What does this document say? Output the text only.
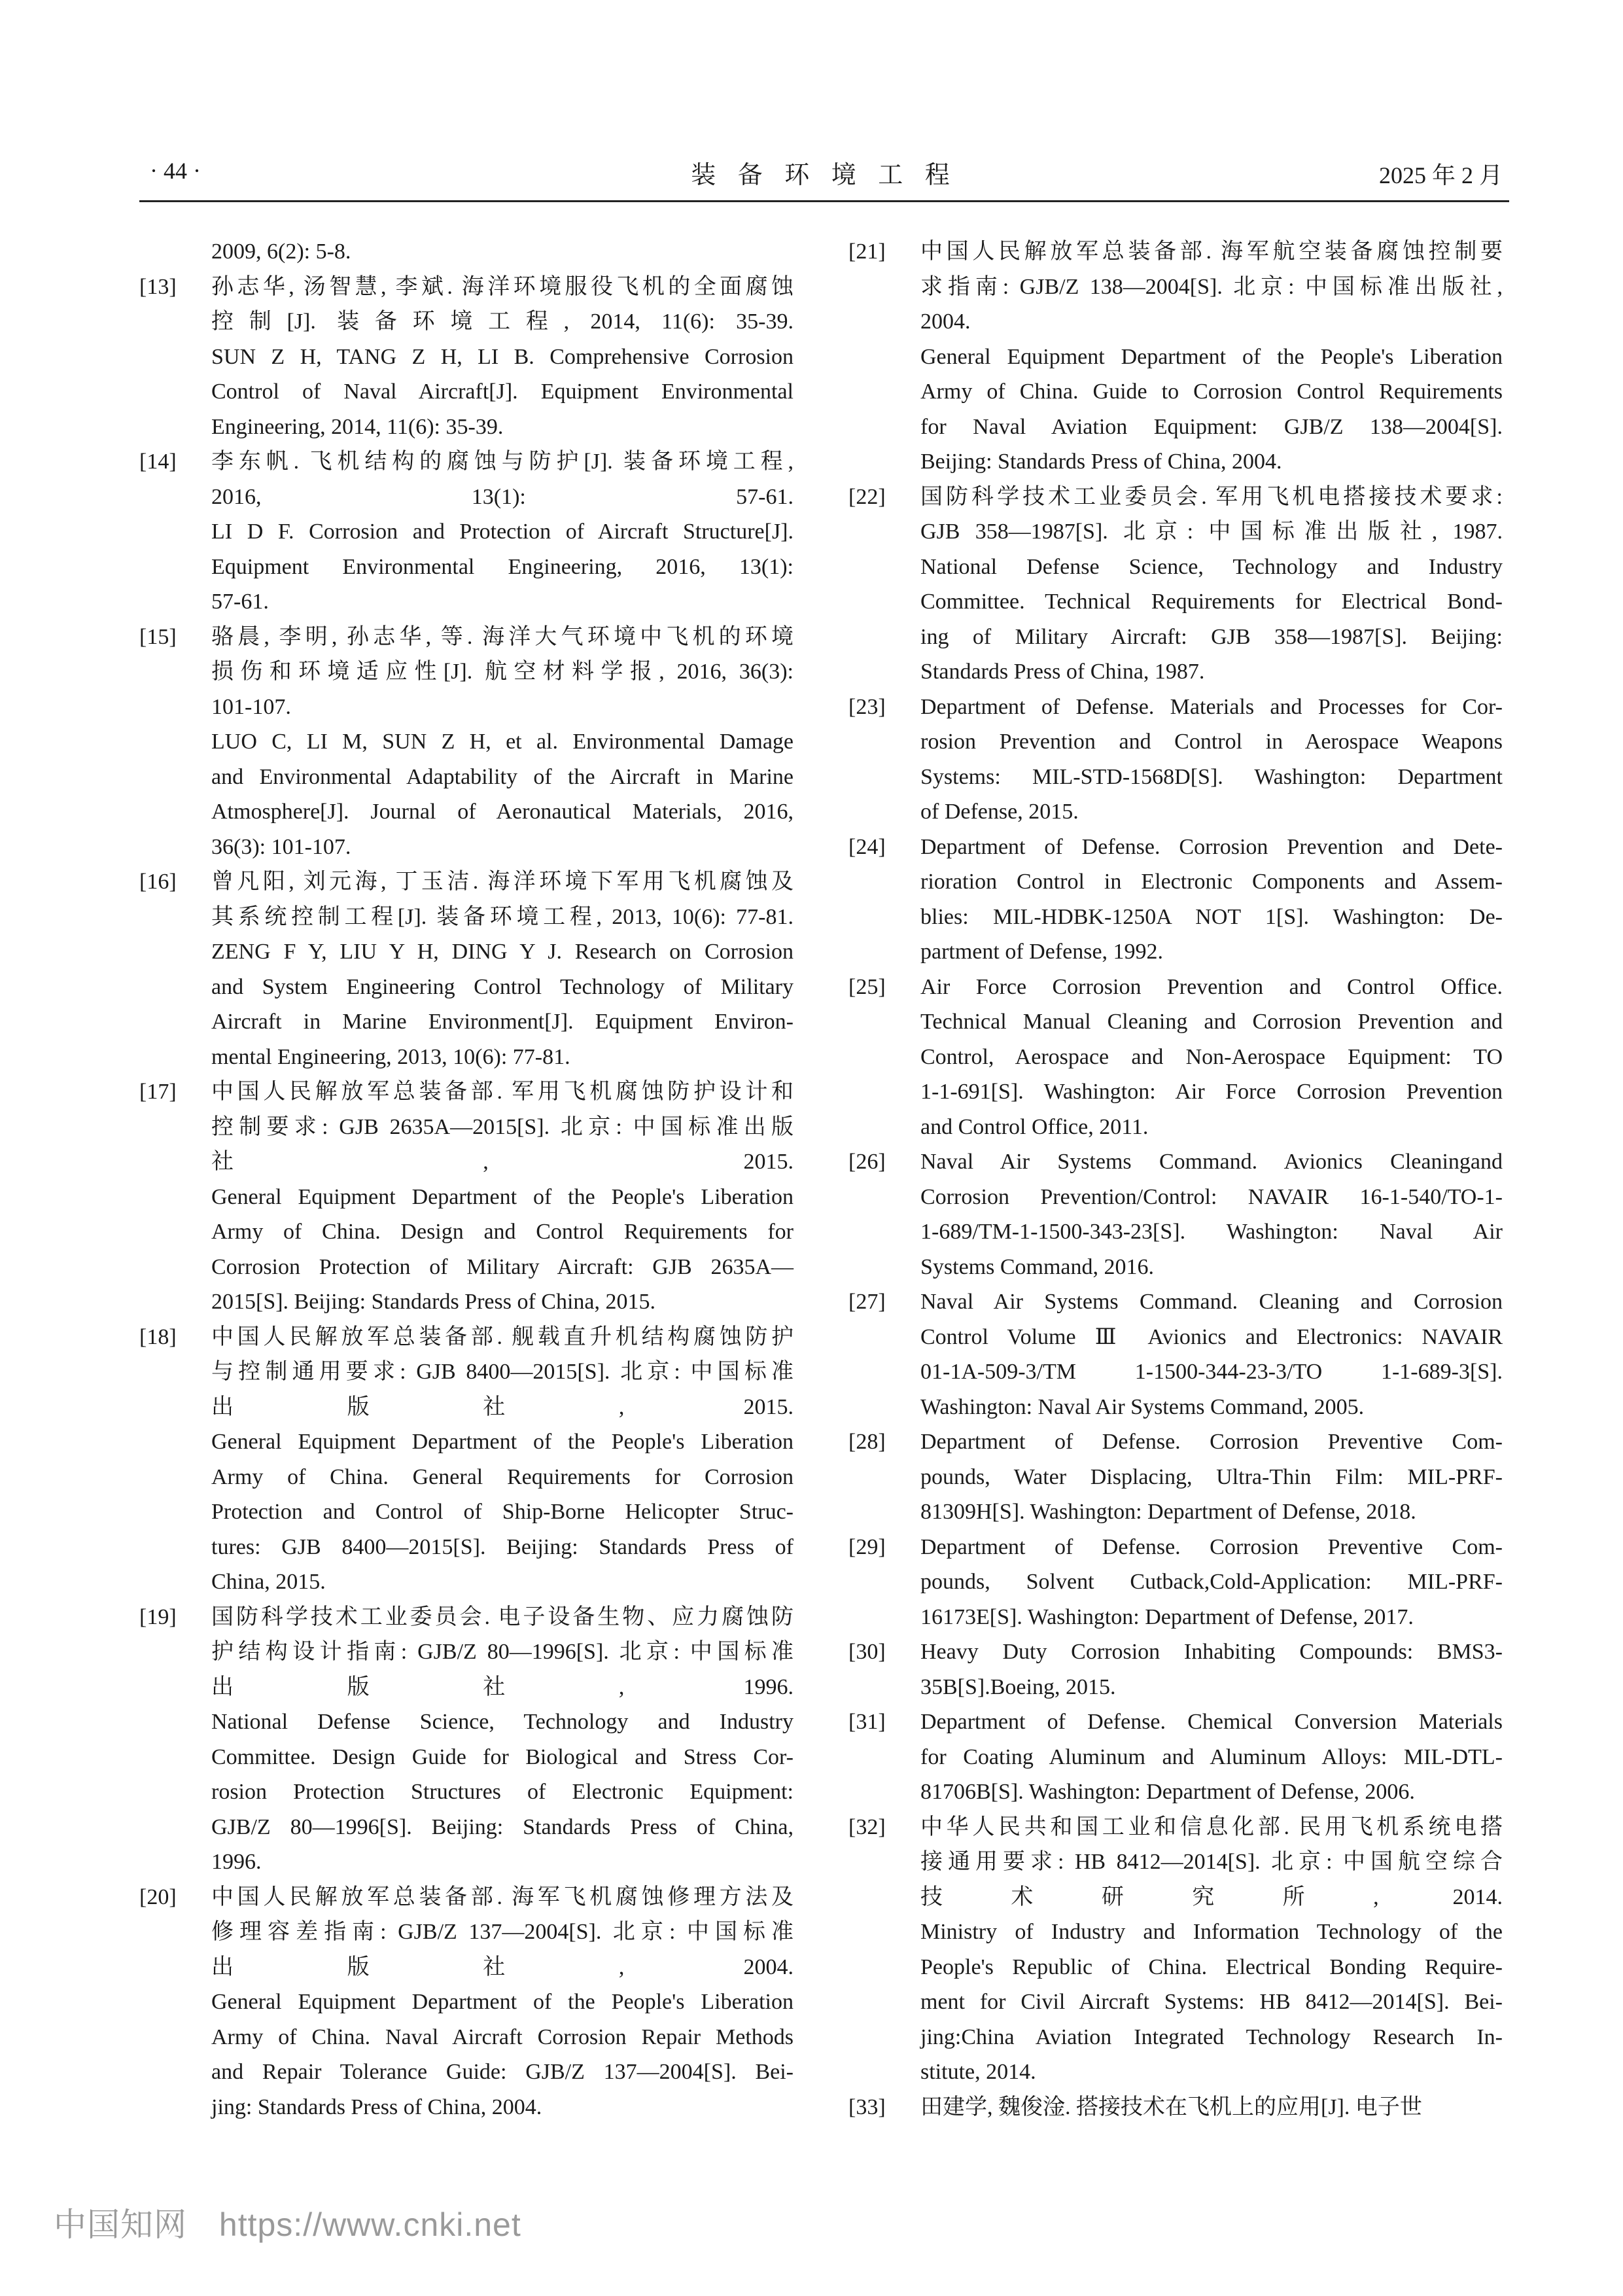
· 44 ·	装 备 环 境 工 程	2025 年 2 月
2009, 6(2): 5-8.
[13] 孙志华, 汤智慧, 李斌. 海洋环境服役飞机的全面腐蚀
控制[J]. 装备环境工程, 2014, 11(6): 35-39.
SUN Z H, TANG Z H, LI B. Comprehensive Corrosion
Control of Naval Aircraft[J]. Equipment Environmental
Engineering, 2014, 11(6): 35-39.
[14] 李东帆. 飞机结构的腐蚀与防护[J]. 装备环境工程,
2016, 13(1): 57-61.
LI D F. Corrosion and Protection of Aircraft Structure[J].
Equipment Environmental Engineering, 2016, 13(1):
57-61.
[15] 骆晨, 李明, 孙志华, 等. 海洋大气环境中飞机的环境
损伤和环境适应性[J]. 航空材料学报, 2016, 36(3):
101-107.
LUO C, LI M, SUN Z H, et al. Environmental Damage
and Environmental Adaptability of the Aircraft in Marine
Atmosphere[J]. Journal of Aeronautical Materials, 2016,
36(3): 101-107.
[16] 曾凡阳, 刘元海, 丁玉洁. 海洋环境下军用飞机腐蚀及
其系统控制工程[J]. 装备环境工程, 2013, 10(6): 77-81.
ZENG F Y, LIU Y H, DING Y J. Research on Corrosion
and System Engineering Control Technology of Military
Aircraft in Marine Environment[J]. Equipment Environ-
mental Engineering, 2013, 10(6): 77-81.
[17] 中国人民解放军总装备部. 军用飞机腐蚀防护设计和
控制要求: GJB 2635A—2015[S]. 北京: 中国标准出版
社, 2015.
General Equipment Department of the People's Liberation
Army of China. Design and Control Requirements for
Corrosion Protection of Military Aircraft: GJB 2635A—
2015[S]. Beijing: Standards Press of China, 2015.
[18] 中国人民解放军总装备部. 舰载直升机结构腐蚀防护
与控制通用要求: GJB 8400—2015[S]. 北京: 中国标准
出版社, 2015.
General Equipment Department of the People's Liberation
Army of China. General Requirements for Corrosion
Protection and Control of Ship-Borne Helicopter Struc-
tures: GJB 8400—2015[S]. Beijing: Standards Press of
China, 2015.
[19] 国防科学技术工业委员会. 电子设备生物、应力腐蚀防
护结构设计指南: GJB/Z 80—1996[S]. 北京: 中国标准
出版社, 1996.
National Defense Science, Technology and Industry
Committee. Design Guide for Biological and Stress Cor-
rosion Protection Structures of Electronic Equipment:
GJB/Z 80—1996[S]. Beijing: Standards Press of China,
1996.
[20] 中国人民解放军总装备部. 海军飞机腐蚀修理方法及
修理容差指南: GJB/Z 137—2004[S]. 北京: 中国标准
出版社, 2004.
General Equipment Department of the People's Liberation
Army of China. Naval Aircraft Corrosion Repair Methods
and Repair Tolerance Guide: GJB/Z 137—2004[S]. Bei-
jing: Standards Press of China, 2004.
[21] 中国人民解放军总装备部. 海军航空装备腐蚀控制要
求指南: GJB/Z 138—2004[S]. 北京: 中国标准出版社,
2004.
General Equipment Department of the People's Liberation
Army of China. Guide to Corrosion Control Requirements
for Naval Aviation Equipment: GJB/Z 138—2004[S].
Beijing: Standards Press of China, 2004.
[22] 国防科学技术工业委员会. 军用飞机电搭接技术要求:
GJB 358—1987[S]. 北京: 中国标准出版社, 1987.
National Defense Science, Technology and Industry
Committee. Technical Requirements for Electrical Bond-
ing of Military Aircraft: GJB 358—1987[S]. Beijing:
Standards Press of China, 1987.
[23] Department of Defense. Materials and Processes for Cor-
rosion Prevention and Control in Aerospace Weapons
Systems: MIL-STD-1568D[S]. Washington: Department
of Defense, 2015.
[24] Department of Defense. Corrosion Prevention and Dete-
rioration Control in Electronic Components and Assem-
blies: MIL-HDBK-1250A NOT 1[S]. Washington: De-
partment of Defense, 1992.
[25] Air Force Corrosion Prevention and Control Office.
Technical Manual Cleaning and Corrosion Prevention and
Control, Aerospace and Non-Aerospace Equipment: TO
1-1-691[S]. Washington: Air Force Corrosion Prevention
and Control Office, 2011.
[26] Naval Air Systems Command. Avionics Cleaningand
Corrosion Prevention/Control: NAVAIR 16-1-540/TO-1-
1-689/TM-1-1500-343-23[S]. Washington: Naval Air
Systems Command, 2016.
[27] Naval Air Systems Command. Cleaning and Corrosion
Control Volume Ⅲ Avionics and Electronics: NAVAIR
01-1A-509-3/TM 1-1500-344-23-3/TO 1-1-689-3[S].
Washington: Naval Air Systems Command, 2005.
[28] Department of Defense. Corrosion Preventive Com-
pounds, Water Displacing, Ultra-Thin Film: MIL-PRF-
81309H[S]. Washington: Department of Defense, 2018.
[29] Department of Defense. Corrosion Preventive Com-
pounds, Solvent Cutback,Cold-Application: MIL-PRF-
16173E[S]. Washington: Department of Defense, 2017.
[30] Heavy Duty Corrosion Inhabiting Compounds: BMS3-
35B[S].Boeing, 2015.
[31] Department of Defense. Chemical Conversion Materials
for Coating Aluminum and Aluminum Alloys: MIL-DTL-
81706B[S]. Washington: Department of Defense, 2006.
[32] 中华人民共和国工业和信息化部. 民用飞机系统电搭
接通用要求: HB 8412—2014[S]. 北京: 中国航空综合
技术研究所, 2014.
Ministry of Industry and Information Technology of the
People's Republic of China. Electrical Bonding Require-
ment for Civil Aircraft Systems: HB 8412—2014[S]. Bei-
jing:China Aviation Integrated Technology Research In-
stitute, 2014.
[33] 田建学, 魏俊淦. 搭接技术在飞机上的应用[J]. 电子世
中国知网 https://www.cnki.net
